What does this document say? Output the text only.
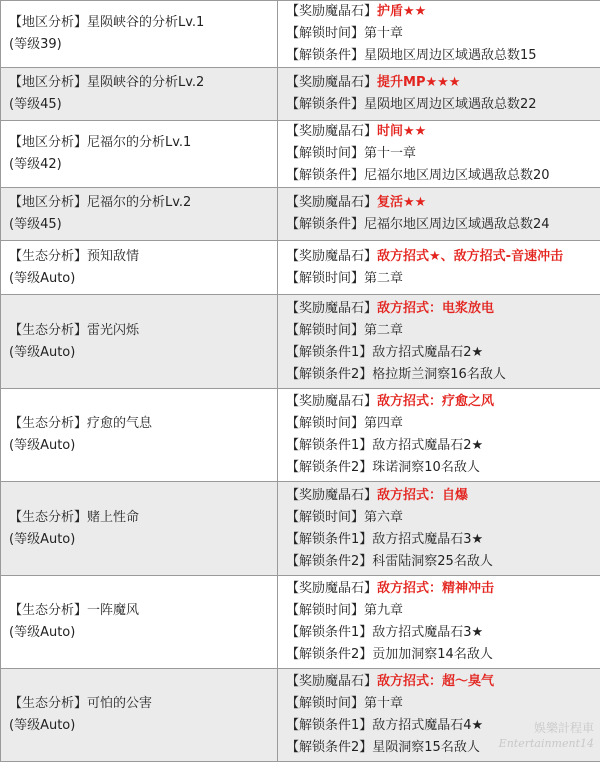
【地区分析】星陨峡谷的分析Lv.1
(等级39)	【奖励魔晶石】护盾★★
【解锁时间】第十章
【解锁条件】星陨地区周边区域遇敌总数15

【地区分析】星陨峡谷的分析Lv.2
(等级45)	【奖励魔晶石】提升MP★★★
【解锁条件】星陨地区周边区域遇敌总数22

【地区分析】尼福尔的分析Lv.1
(等级42)	【奖励魔晶石】时间★★
【解锁时间】第十一章
【解锁条件】尼福尔地区周边区域遇敌总数20

【地区分析】尼福尔的分析Lv.2
(等级45)	【奖励魔晶石】复活★★
【解锁条件】尼福尔地区周边区域遇敌总数24

【生态分析】预知敌情
(等级Auto)	【奖励魔晶石】敌方招式★、敌方招式-音速冲击
【解锁时间】第二章

【生态分析】雷光闪烁
(等级Auto)	【奖励魔晶石】敌方招式：电浆放电
【解锁时间】第二章
【解锁条件1】敌方招式魔晶石2★
【解锁条件2】格拉斯兰洞察16名敌人

【生态分析】疗愈的气息
(等级Auto)	【奖励魔晶石】敌方招式：疗愈之风
【解锁时间】第四章
【解锁条件1】敌方招式魔晶石2★
【解锁条件2】珠诺洞察10名敌人

【生态分析】赌上性命
(等级Auto)	【奖励魔晶石】敌方招式：自爆
【解锁时间】第六章
【解锁条件1】敌方招式魔晶石3★
【解锁条件2】科雷陆洞察25名敌人

【生态分析】一阵魔风
(等级Auto)	【奖励魔晶石】敌方招式：精神冲击
【解锁时间】第九章
【解锁条件1】敌方招式魔晶石3★
【解锁条件2】贡加加洞察14名敌人

【生态分析】可怕的公害
(等级Auto)	【奖励魔晶石】敌方招式：超～臭气
【解锁时间】第十章
【解锁条件1】敌方招式魔晶石4★
【解锁条件2】星陨洞察15名敌人
娛樂計程車
Entertainment14
